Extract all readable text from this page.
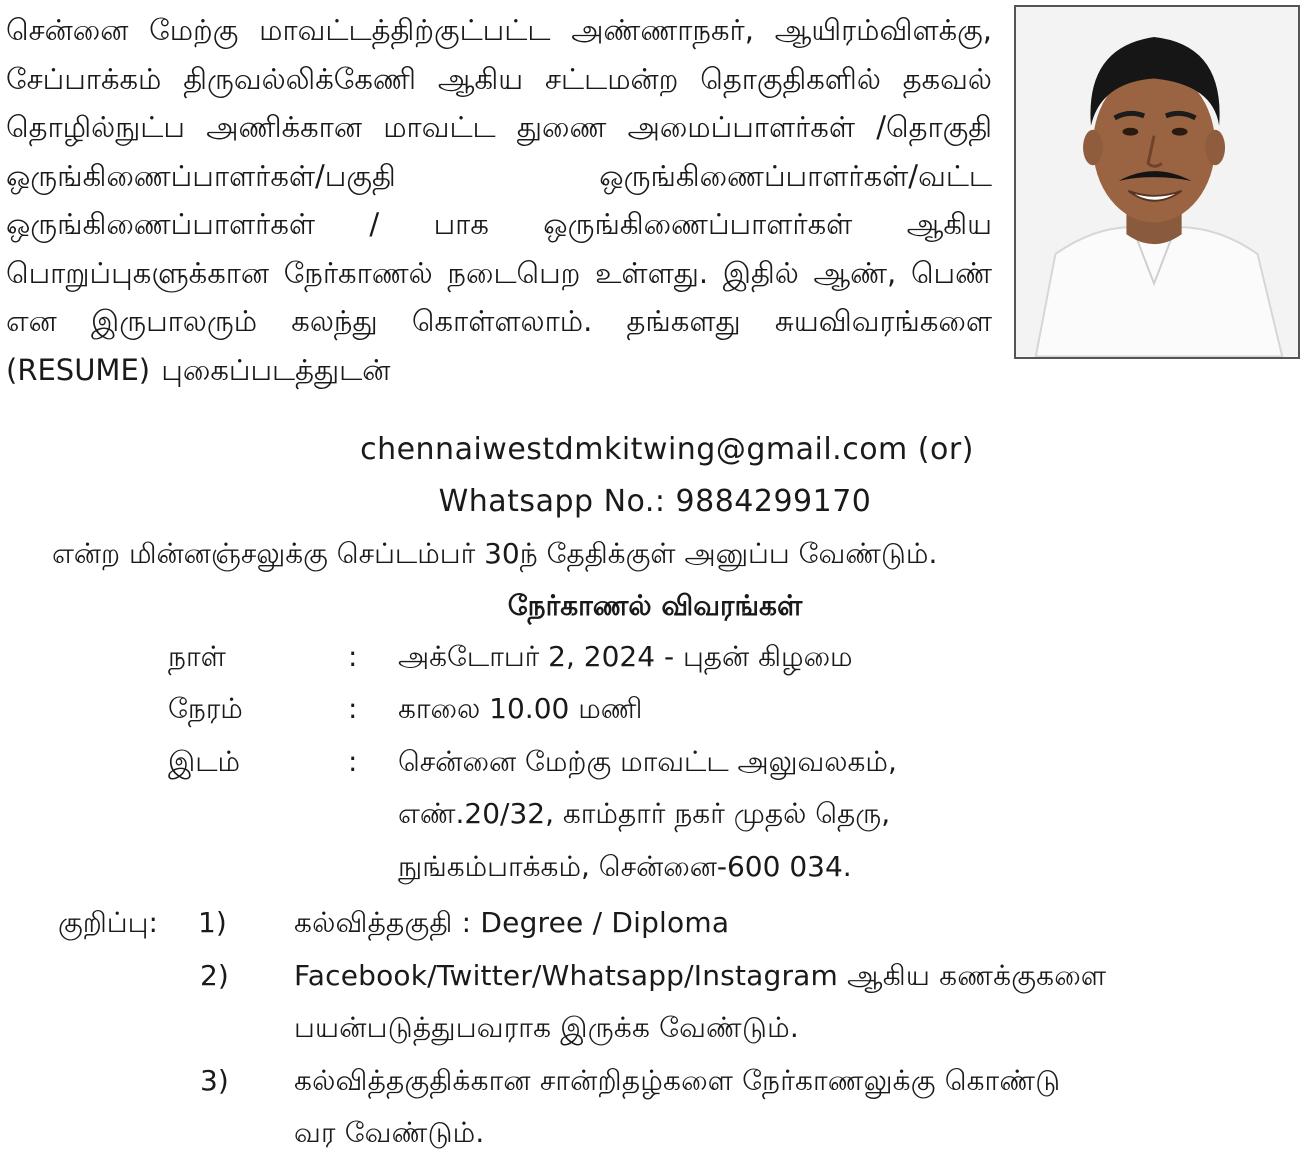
சென்னை மேற்கு மாவட்டத்திற்குட்பட்ட அண்ணாநகர், ஆயிரம்விளக்கு, சேப்பாக்கம் திருவல்லிக்கேணி ஆகிய சட்டமன்ற தொகுதிகளில் தகவல் தொழில்நுட்ப அணிக்கான மாவட்ட துணை அமைப்பாளர்கள் /தொகுதி ஒருங்கிணைப்பாளர்கள்/பகுதி ஒருங்கிணைப்பாளர்கள்/வட்ட ஒருங்கிணைப்பாளர்கள் / பாக ஒருங்கிணைப்பாளர்கள் ஆகிய பொறுப்புகளுக்கான நேர்காணல் நடைபெற உள்ளது. இதில் ஆண், பெண் என இருபாலரும் கலந்து கொள்ளலாம். தங்களது சுயவிவரங்களை (RESUME) புகைப்படத்துடன்
chennaiwestdmkitwing@gmail.com (or)
Whatsapp No.: 9884299170
என்ற மின்னஞ்சலுக்கு செப்டம்பர் 30ந் தேதிக்குள் அனுப்ப வேண்டும்.
நேர்காணல் விவரங்கள்
நாள்	: அக்டோபர் 2, 2024 - புதன் கிழமை
நேரம்	: காலை 10.00 மணி
இடம்	: சென்னை மேற்கு மாவட்ட அலுவலகம்,
எண்.20/32, காம்தார் நகர் முதல் தெரு,
நுங்கம்பாக்கம், சென்னை-600 034.
குறிப்பு: 1) கல்வித்தகுதி : Degree / Diploma
2) Facebook/Twitter/Whatsapp/Instagram ஆகிய கணக்குகளை
பயன்படுத்துபவராக இருக்க வேண்டும்.
3) கல்வித்தகுதிக்கான சான்றிதழ்களை நேர்காணலுக்கு கொண்டு
வர வேண்டும்.
